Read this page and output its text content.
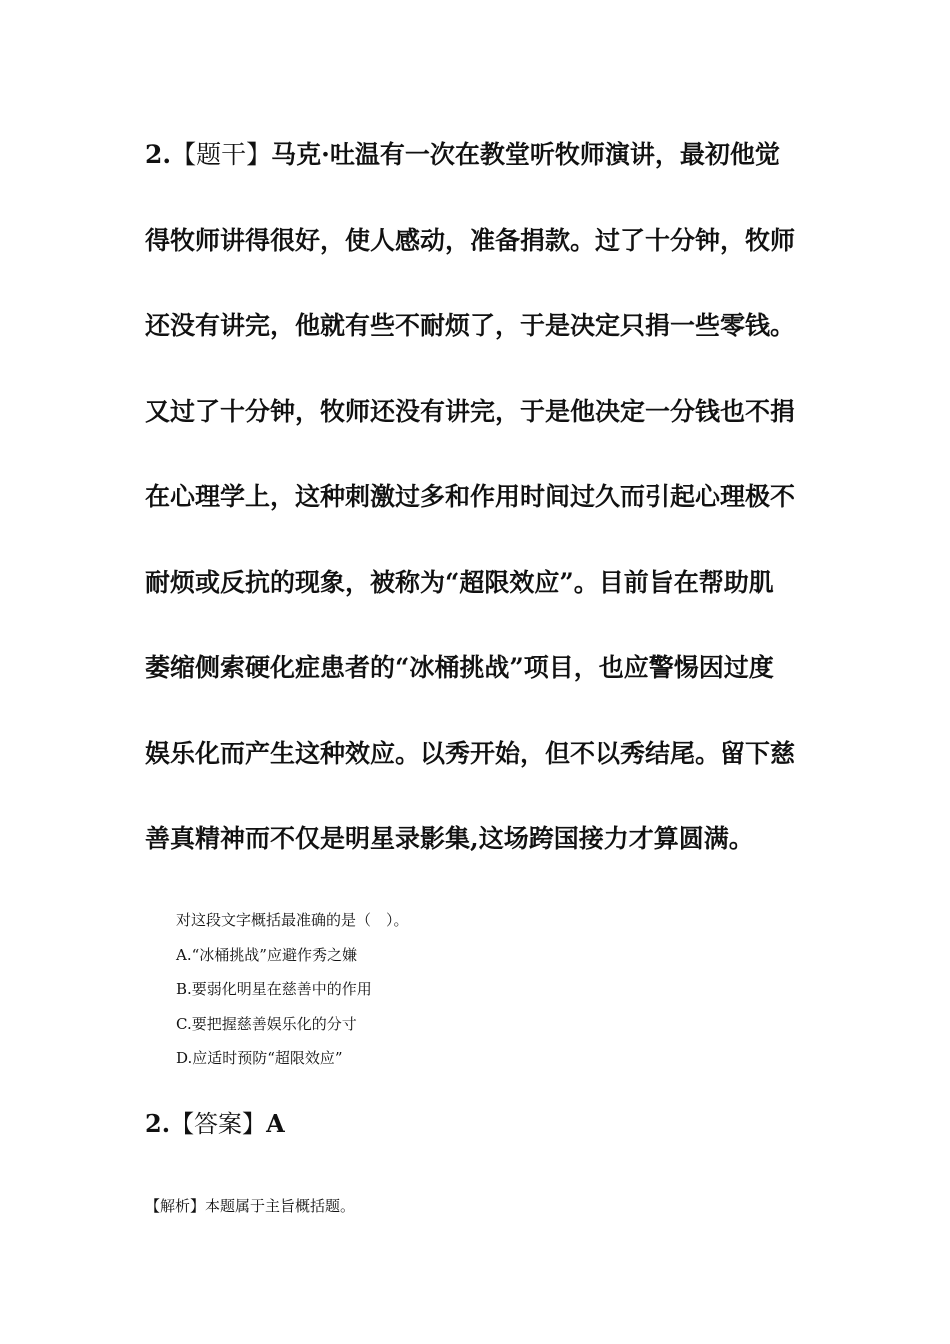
2.【题干】马克·吐温有一次在教堂听牧师演讲，最初他觉
得牧师讲得很好，使人感动，准备捐款。过了十分钟，牧师
还没有讲完，他就有些不耐烦了，于是决定只捐一些零钱。
又过了十分钟，牧师还没有讲完，于是他决定一分钱也不捐
在心理学上，这种刺激过多和作用时间过久而引起心理极不
耐烦或反抗的现象，被称为“超限效应”。目前旨在帮助肌
萎缩侧索硬化症患者的“冰桶挑战”项目，也应警惕因过度
娱乐化而产生这种效应。以秀开始，但不以秀结尾。留下慈
善真精神而不仅是明星录影集,这场跨国接力才算圆满。
对这段文字概括最准确的是（　）。
A.“冰桶挑战”应避作秀之嫌
B.要弱化明星在慈善中的作用
C.要把握慈善娱乐化的分寸
D.应适时预防“超限效应”
2.【答案】A
【解析】本题属于主旨概括题。
